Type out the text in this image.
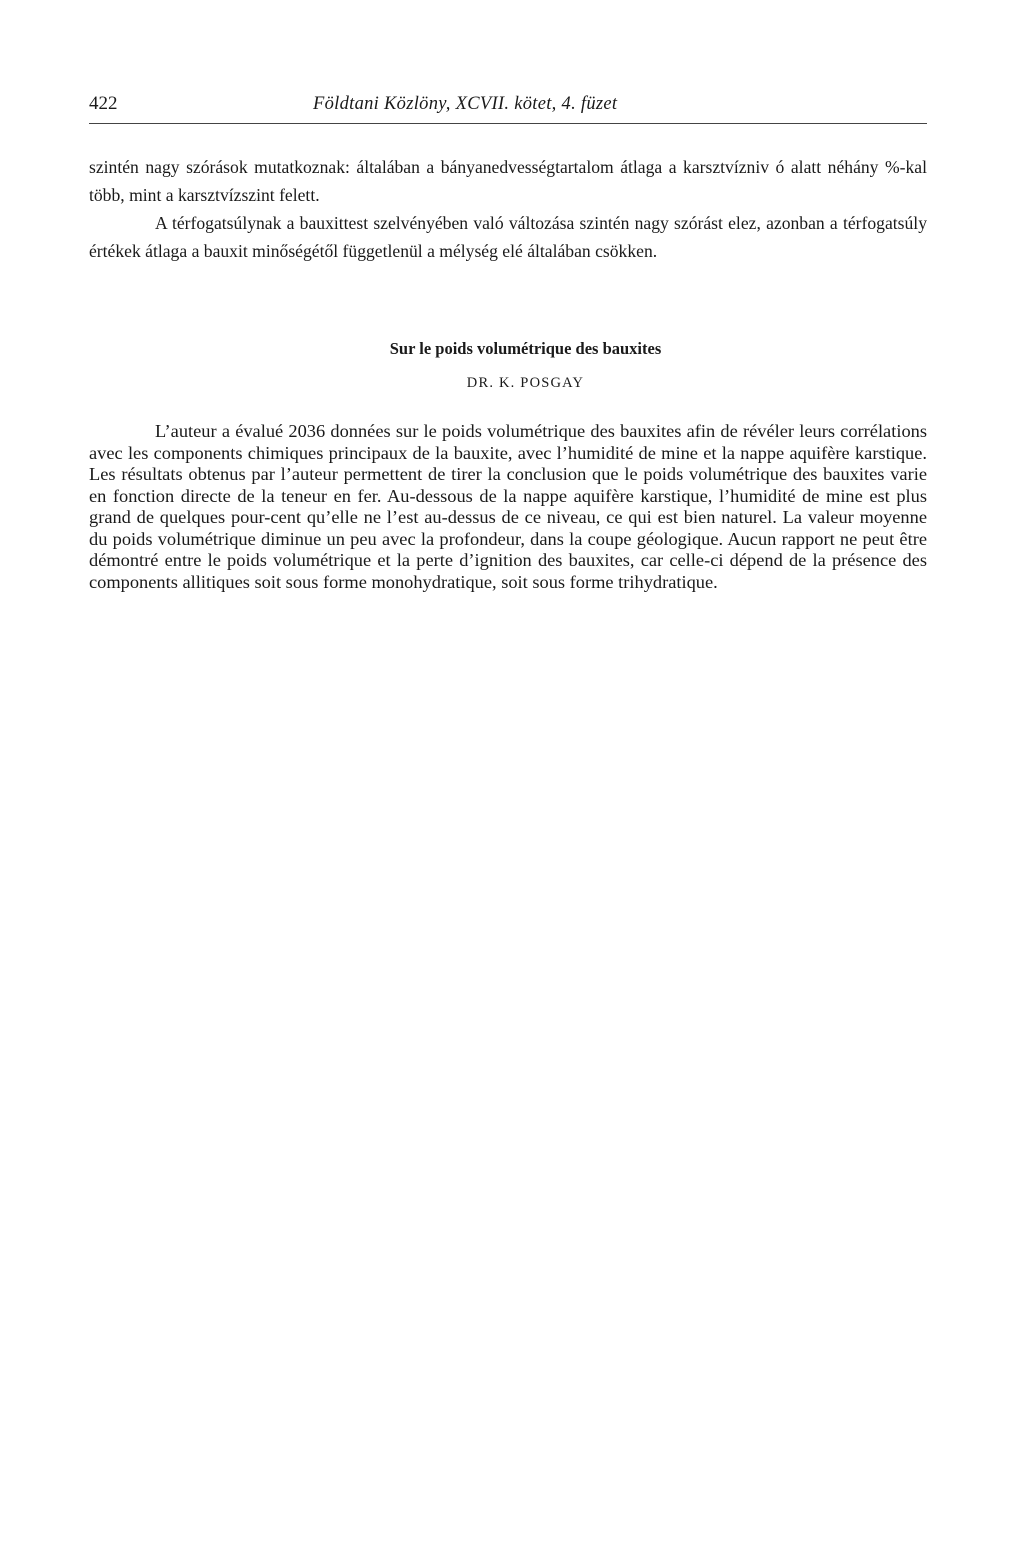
422	Földtani Közlöny, XCVII. kötet, 4. füzet

szintén nagy szórások mutatkoznak: általában a bányanedvességtartalom átlaga a karsztvízniv ó alatt néhány %-kal több, mint a karsztvízszint felett.

A térfogatsúlynak a bauxittest szelvényében való változása szintén nagy szórást elez, azonban a térfogatsúly értékek átlaga a bauxit minőségétől függetlenül a mélység elé általában csökken.

Sur le poids volumétrique des bauxites
DR. K. POSGAY

L’auteur a évalué 2036 données sur le poids volumétrique des bauxites afin de révéler leurs corrélations avec les components chimiques principaux de la bauxite, avec l’humidité de mine et la nappe aquifère karstique. Les résultats obtenus par l’auteur permettent de tirer la conclusion que le poids volumétrique des bauxites varie en fonction directe de la teneur en fer. Au-dessous de la nappe aquifère karstique, l’humidité de mine est plus grand de quelques pour-cent qu’elle ne l’est au-dessus de ce niveau, ce qui est bien naturel. La valeur moyenne du poids volumétrique diminue un peu avec la profondeur, dans la coupe géologique. Aucun rapport ne peut être démontré entre le poids volumétrique et la perte d’ignition des bauxites, car celle-ci dépend de la présence des components allitiques soit sous forme monohydratique, soit sous forme trihydratique.
